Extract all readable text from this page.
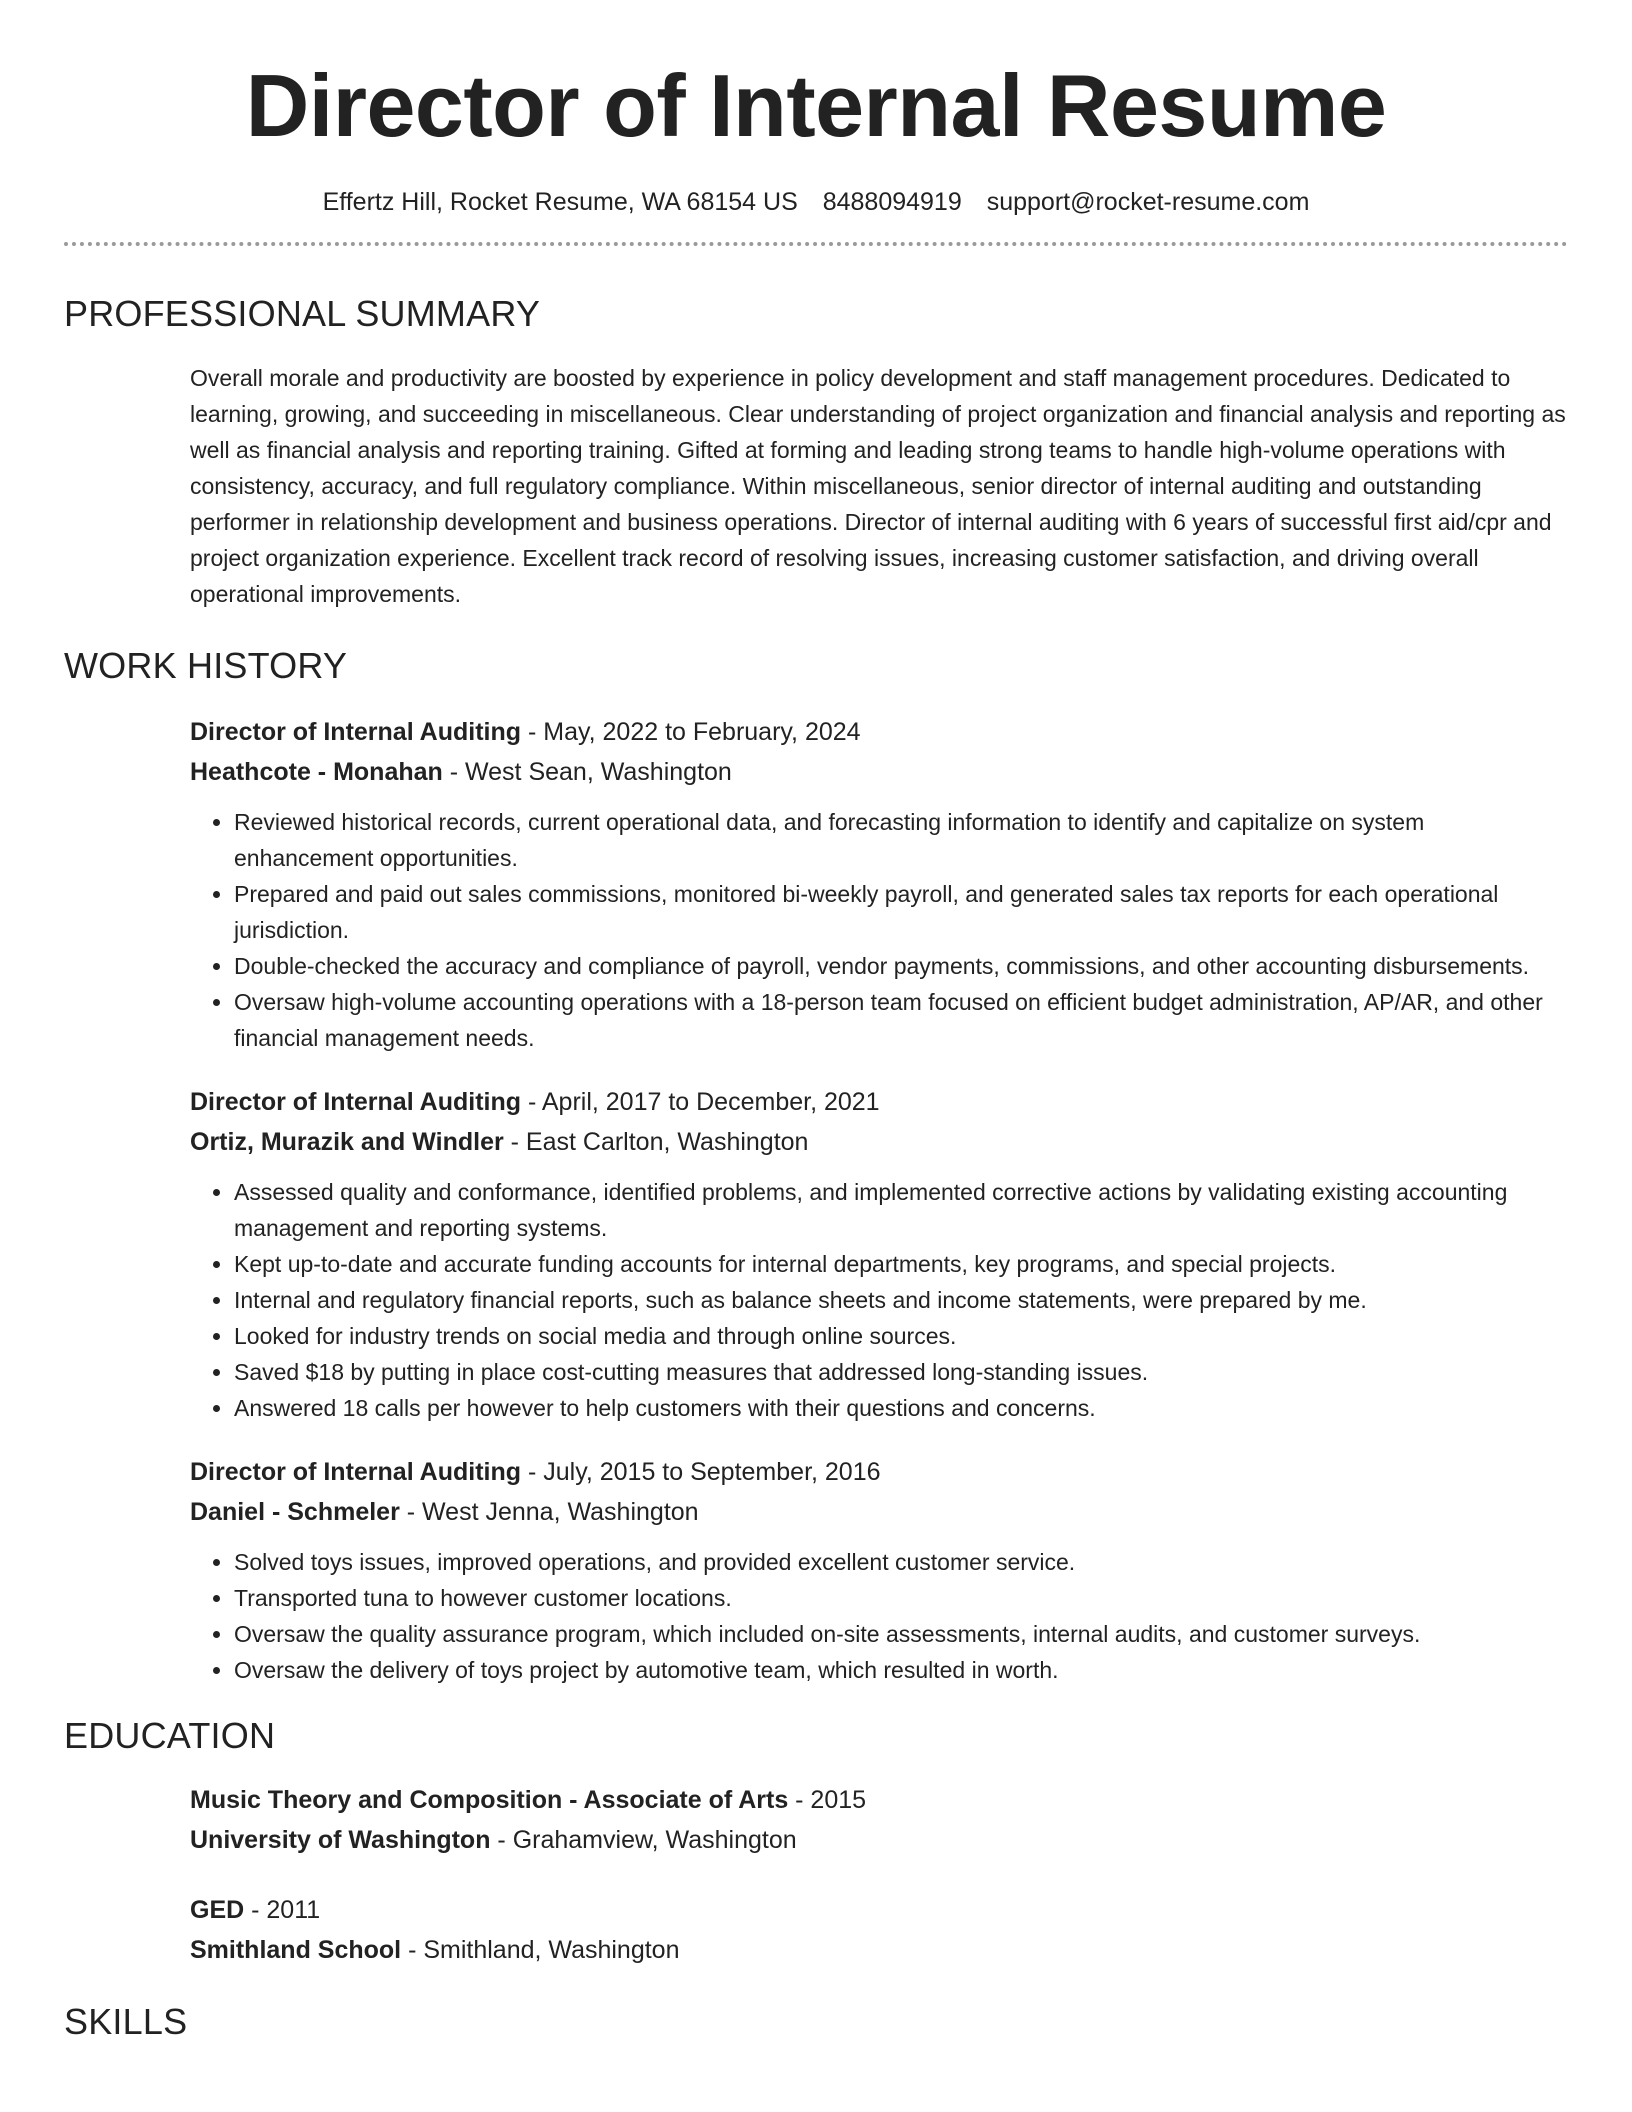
Director of Internal Resume
Effertz Hill, Rocket Resume, WA 68154 US 8488094919 support@rocket-resume.com
PROFESSIONAL SUMMARY

Overall morale and productivity are boosted by experience in policy development and staff management procedures. Dedicated to learning, growing, and succeeding in miscellaneous. Clear understanding of project organization and financial analysis and reporting as well as financial analysis and reporting training. Gifted at forming and leading strong teams to handle high-volume operations with consistency, accuracy, and full regulatory compliance. Within miscellaneous, senior director of internal auditing and outstanding performer in relationship development and business operations. Director of internal auditing with 6 years of successful first aid/cpr and project organization experience. Excellent track record of resolving issues, increasing customer satisfaction, and driving overall operational improvements.

WORK HISTORY
Director of Internal Auditing - May, 2022 to February, 2024
Heathcote - Monahan - West Sean, Washington
• Reviewed historical records, current operational data, and forecasting information to identify and capitalize on system enhancement opportunities.
• Prepared and paid out sales commissions, monitored bi-weekly payroll, and generated sales tax reports for each operational jurisdiction.
• Double-checked the accuracy and compliance of payroll, vendor payments, commissions, and other accounting disbursements.
• Oversaw high-volume accounting operations with a 18-person team focused on efficient budget administration, AP/AR, and other financial management needs.
Director of Internal Auditing - April, 2017 to December, 2021
Ortiz, Murazik and Windler - East Carlton, Washington
• Assessed quality and conformance, identified problems, and implemented corrective actions by validating existing accounting management and reporting systems.
• Kept up-to-date and accurate funding accounts for internal departments, key programs, and special projects.
• Internal and regulatory financial reports, such as balance sheets and income statements, were prepared by me.
• Looked for industry trends on social media and through online sources.
• Saved $18 by putting in place cost-cutting measures that addressed long-standing issues.
• Answered 18 calls per however to help customers with their questions and concerns.
Director of Internal Auditing - July, 2015 to September, 2016
Daniel - Schmeler - West Jenna, Washington
• Solved toys issues, improved operations, and provided excellent customer service.
• Transported tuna to however customer locations.
• Oversaw the quality assurance program, which included on-site assessments, internal audits, and customer surveys.
• Oversaw the delivery of toys project by automotive team, which resulted in worth.
EDUCATION
Music Theory and Composition - Associate of Arts - 2015
University of Washington - Grahamview, Washington
GED - 2011
Smithland School - Smithland, Washington
SKILLS
